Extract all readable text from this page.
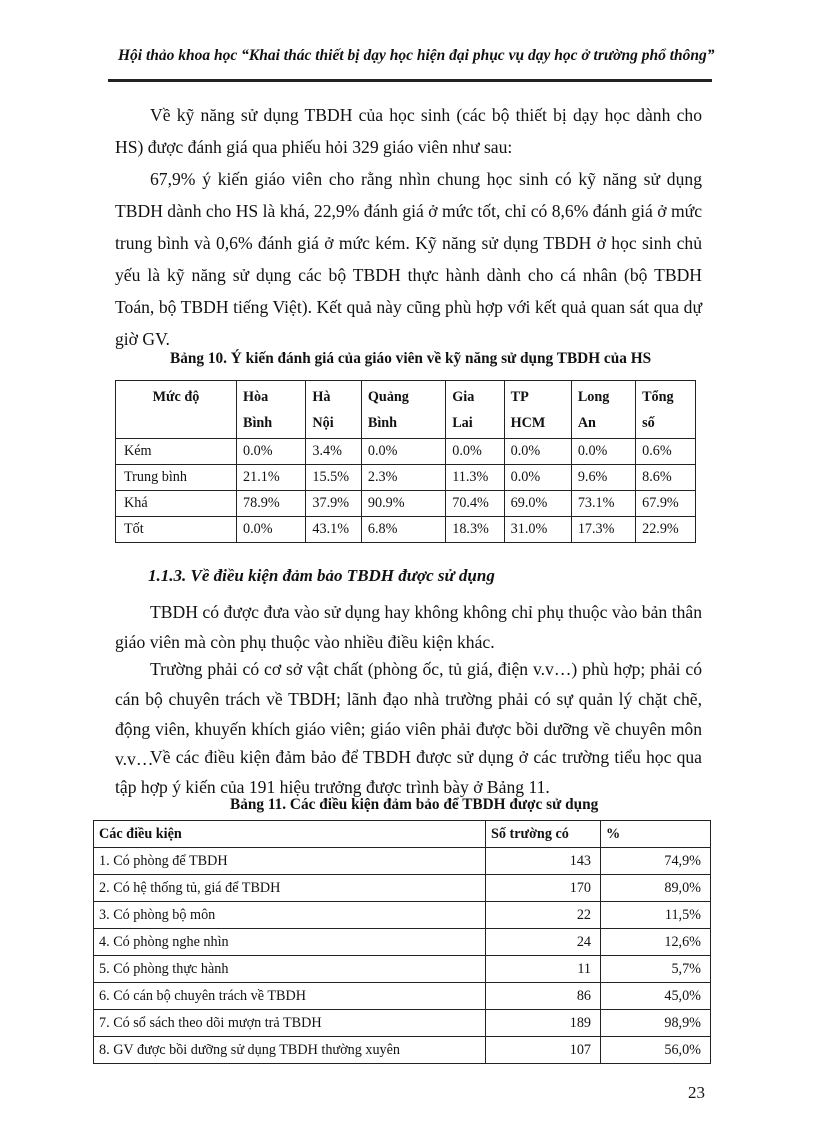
Hội thảo khoa học “Khai thác thiết bị dạy học hiện đại phục vụ dạy học ở trường phổ thông”

Về kỹ năng sử dụng TBDH của học sinh (các bộ thiết bị dạy học dành cho HS) được đánh giá qua phiếu hỏi 329 giáo viên như sau:

67,9% ý kiến giáo viên cho rằng nhìn chung học sinh có kỹ năng sử dụng TBDH dành cho HS là khá, 22,9% đánh giá ở mức tốt, chỉ có 8,6% đánh giá ở mức trung bình và 0,6% đánh giá ở mức kém. Kỹ năng sử dụng TBDH ở học sinh chủ yếu là kỹ năng sử dụng các bộ TBDH thực hành dành cho cá nhân (bộ TBDH Toán, bộ TBDH tiếng Việt). Kết quả này cũng phù hợp với kết quả quan sát qua dự giờ GV.

Bảng 10. Ý kiến đánh giá của giáo viên về kỹ năng sử dụng TBDH của HS
Mức độ	Hòa Bình	Hà Nội	Quảng Bình	Gia Lai	TP HCM	Long An	Tổng số
Kém	0.0%	3.4%	0.0%	0.0%	0.0%	0.0%	0.6%
Trung bình	21.1%	15.5%	2.3%	11.3%	0.0%	9.6%	8.6%
Khá	78.9%	37.9%	90.9%	70.4%	69.0%	73.1%	67.9%
Tốt	0.0%	43.1%	6.8%	18.3%	31.0%	17.3%	22.9%
1.1.3. Về điều kiện đảm bảo TBDH được sử dụng

TBDH có được đưa vào sử dụng hay không không chỉ phụ thuộc vào bản thân giáo viên mà còn phụ thuộc vào nhiều điều kiện khác.

Trường phải có cơ sở vật chất (phòng ốc, tủ giá, điện v.v…) phù hợp; phải có cán bộ chuyên trách về TBDH; lãnh đạo nhà trường phải có sự quản lý chặt chẽ, động viên, khuyến khích giáo viên; giáo viên phải được bồi dưỡng về chuyên môn v.v…

Về các điều kiện đảm bảo để TBDH được sử dụng ở các trường tiểu học qua tập hợp ý kiến của 191 hiệu trưởng được trình bày ở Bảng 11.

Bảng 11. Các điều kiện đảm bảo để TBDH được sử dụng
Các điều kiện	Số trường có	%
1. Có phòng để TBDH	143	74,9%
2. Có hệ thống tủ, giá để TBDH	170	89,0%
3. Có phòng bộ môn	22	11,5%
4. Có phòng nghe nhìn	24	12,6%
5. Có phòng thực hành	11	5,7%
6. Có cán bộ chuyên trách về TBDH	86	45,0%
7. Có sổ sách theo dõi mượn trả TBDH	189	98,9%
8. GV được bồi dưỡng sử dụng TBDH thường xuyên	107	56,0%
23
